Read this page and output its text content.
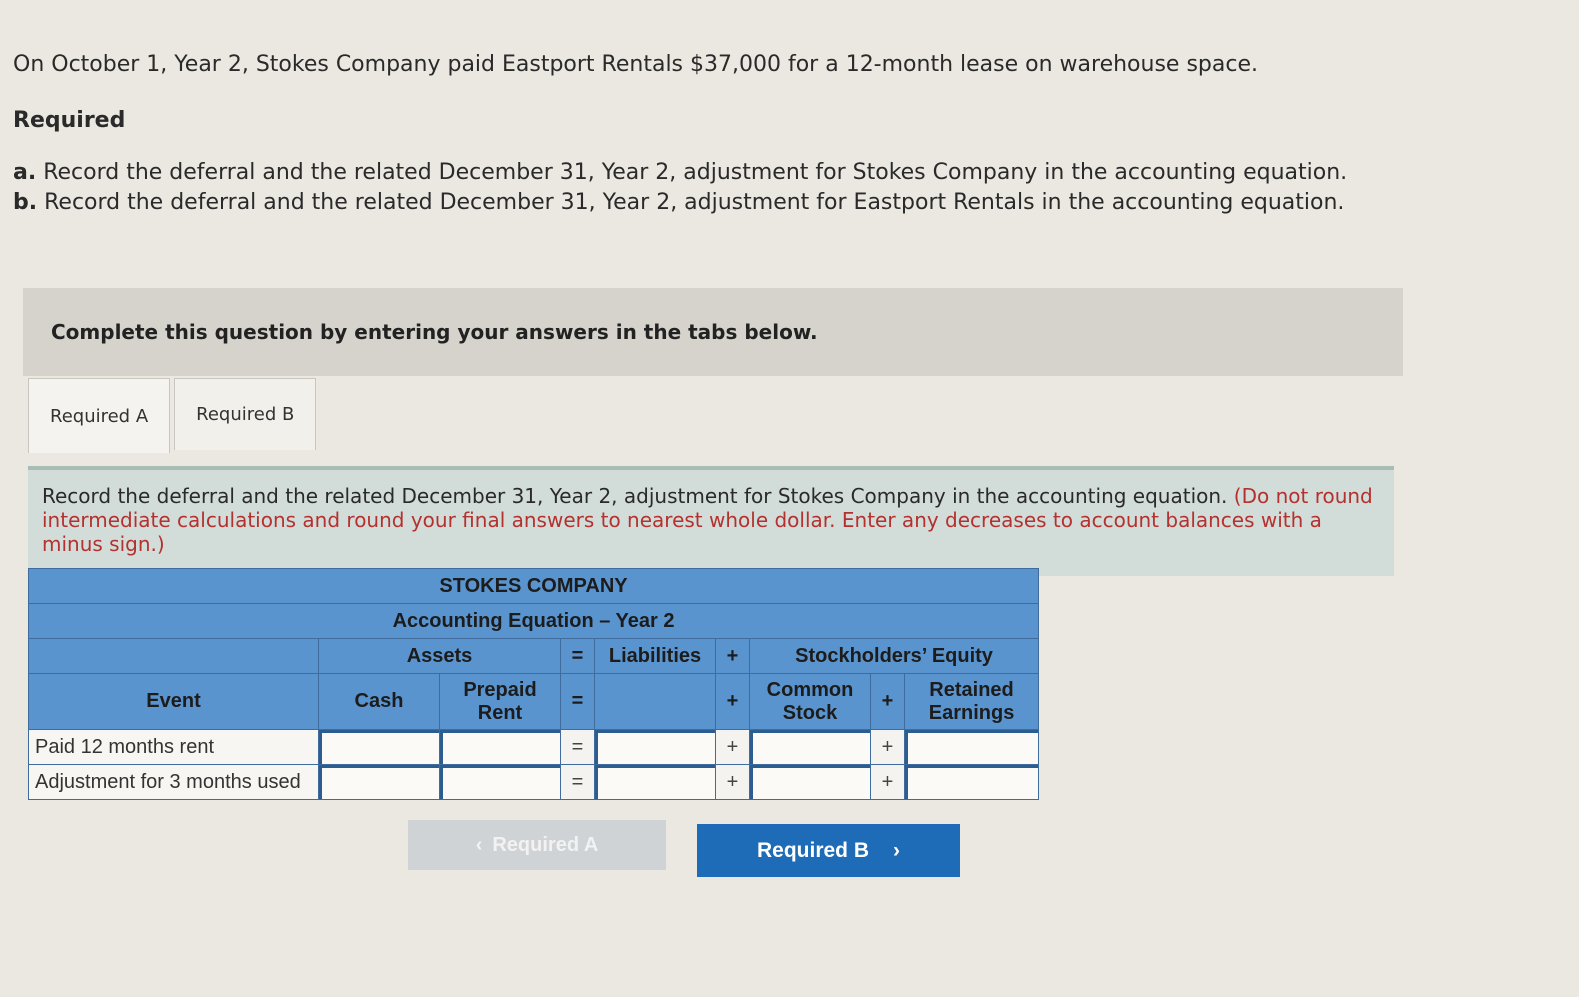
On October 1, Year 2, Stokes Company paid Eastport Rentals $37,000 for a 12-month lease on warehouse space.

Required

a. Record the deferral and the related December 31, Year 2, adjustment for Stokes Company in the accounting equation.

b. Record the deferral and the related December 31, Year 2, adjustment for Eastport Rentals in the accounting equation.

Complete this question by entering your answers in the tabs below.
Required A	Required B
Record the deferral and the related December 31, Year 2, adjustment for Stokes Company in the accounting equation. (Do not round intermediate calculations and round your final answers to nearest whole dollar. Enter any decreases to account balances with a minus sign.)
STOKES COMPANY								
Accounting Equation – Year 2								
	Assets		=	Liabilities	+	Stockholders’ Equity		
Event	Cash	Prepaid Rent	=		+	Common Stock	+	Retained Earnings
Paid 12 months rent			=		+		+	
Adjustment for 3 months used			=		+		+	
‹ Required A	Required B ›
